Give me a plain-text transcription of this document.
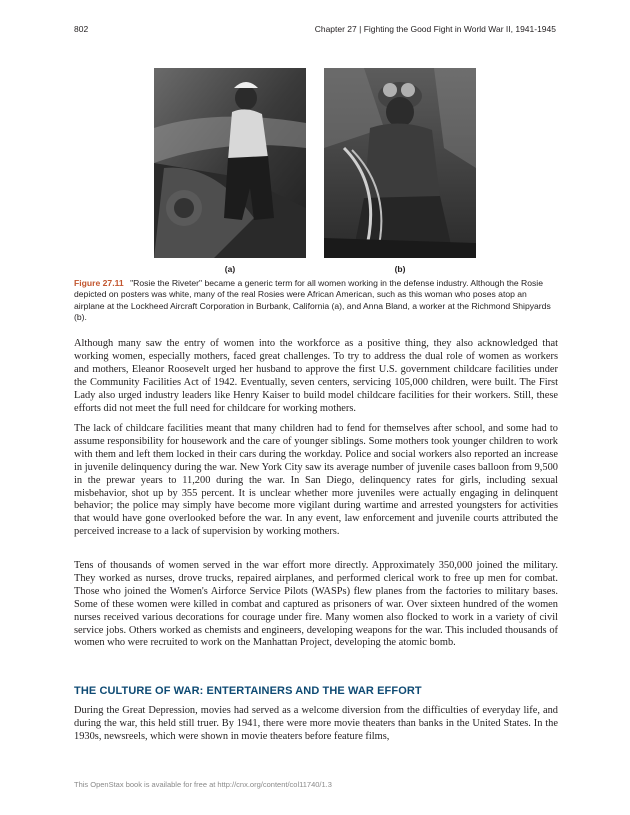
802	Chapter 27 | Fighting the Good Fight in World War II, 1941-1945
(a)	(b)
Figure 27.11 "Rosie the Riveter" became a generic term for all women working in the defense industry. Although the Rosie depicted on posters was white, many of the real Rosies were African American, such as this woman who poses atop an airplane at the Lockheed Aircraft Corporation in Burbank, California (a), and Anna Bland, a worker at the Richmond Shipyards (b).

Although many saw the entry of women into the workforce as a positive thing, they also acknowledged that working women, especially mothers, faced great challenges. To try to address the dual role of women as workers and mothers, Eleanor Roosevelt urged her husband to approve the first U.S. government childcare facilities under the Community Facilities Act of 1942. Eventually, seven centers, servicing 105,000 children, were built. The First Lady also urged industry leaders like Henry Kaiser to build model childcare facilities for their workers. Still, these efforts did not meet the full need for childcare for working mothers.

The lack of childcare facilities meant that many children had to fend for themselves after school, and some had to assume responsibility for housework and the care of younger siblings. Some mothers took younger children to work with them and left them locked in their cars during the workday. Police and social workers also reported an increase in juvenile delinquency during the war. New York City saw its average number of juvenile cases balloon from 9,500 in the prewar years to 11,200 during the war. In San Diego, delinquency rates for girls, including sexual misbehavior, shot up by 355 percent. It is unclear whether more juveniles were actually engaging in delinquent behavior; the police may simply have become more vigilant during wartime and arrested youngsters for activities that would have gone overlooked before the war. In any event, law enforcement and juvenile courts attributed the perceived increase to a lack of supervision by working mothers.

Tens of thousands of women served in the war effort more directly. Approximately 350,000 joined the military. They worked as nurses, drove trucks, repaired airplanes, and performed clerical work to free up men for combat. Those who joined the Women's Airforce Service Pilots (WASPs) flew planes from the factories to military bases. Some of these women were killed in combat and captured as prisoners of war. Over sixteen hundred of the women nurses received various decorations for courage under fire. Many women also flocked to work in a variety of civil service jobs. Others worked as chemists and engineers, developing weapons for the war. This included thousands of women who were recruited to work on the Manhattan Project, developing the atomic bomb.

THE CULTURE OF WAR: ENTERTAINERS AND THE WAR EFFORT

During the Great Depression, movies had served as a welcome diversion from the difficulties of everyday life, and during the war, this held still truer. By 1941, there were more movie theaters than banks in the United States. In the 1930s, newsreels, which were shown in movie theaters before feature films,

This OpenStax book is available for free at http://cnx.org/content/col11740/1.3
